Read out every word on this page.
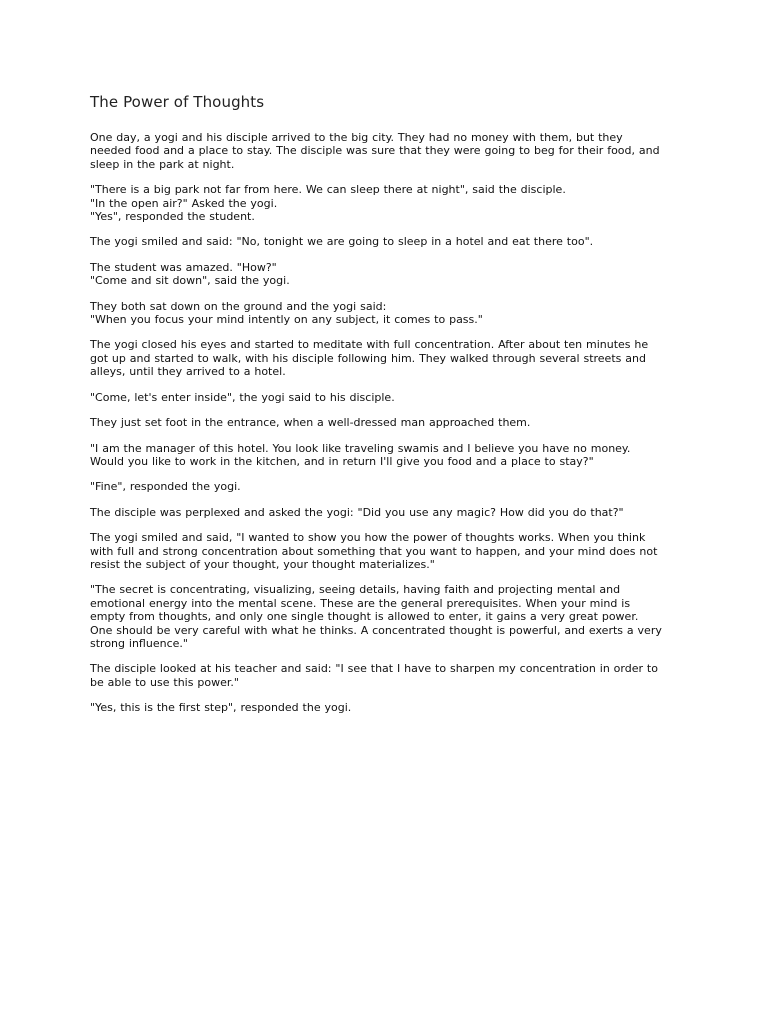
The Power of Thoughts

One day, a yogi and his disciple arrived to the big city. They had no money with them, but they
needed food and a place to stay. The disciple was sure that they were going to beg for their food, and
sleep in the park at night.

"There is a big park not far from here. We can sleep there at night", said the disciple.
"In the open air?" Asked the yogi.
"Yes", responded the student.

The yogi smiled and said: "No, tonight we are going to sleep in a hotel and eat there too".

The student was amazed. "How?"
"Come and sit down", said the yogi.

They both sat down on the ground and the yogi said:
"When you focus your mind intently on any subject, it comes to pass."

The yogi closed his eyes and started to meditate with full concentration. After about ten minutes he
got up and started to walk, with his disciple following him. They walked through several streets and
alleys, until they arrived to a hotel.

"Come, let's enter inside", the yogi said to his disciple.

They just set foot in the entrance, when a well-dressed man approached them.

"I am the manager of this hotel. You look like traveling swamis and I believe you have no money.
Would you like to work in the kitchen, and in return I'll give you food and a place to stay?"

"Fine", responded the yogi.

The disciple was perplexed and asked the yogi: "Did you use any magic? How did you do that?"

The yogi smiled and said, "I wanted to show you how the power of thoughts works. When you think
with full and strong concentration about something that you want to happen, and your mind does not
resist the subject of your thought, your thought materializes."

"The secret is concentrating, visualizing, seeing details, having faith and projecting mental and
emotional energy into the mental scene. These are the general prerequisites. When your mind is
empty from thoughts, and only one single thought is allowed to enter, it gains a very great power.
One should be very careful with what he thinks. A concentrated thought is powerful, and exerts a very
strong influence."

The disciple looked at his teacher and said: "I see that I have to sharpen my concentration in order to
be able to use this power."

"Yes, this is the first step", responded the yogi.
